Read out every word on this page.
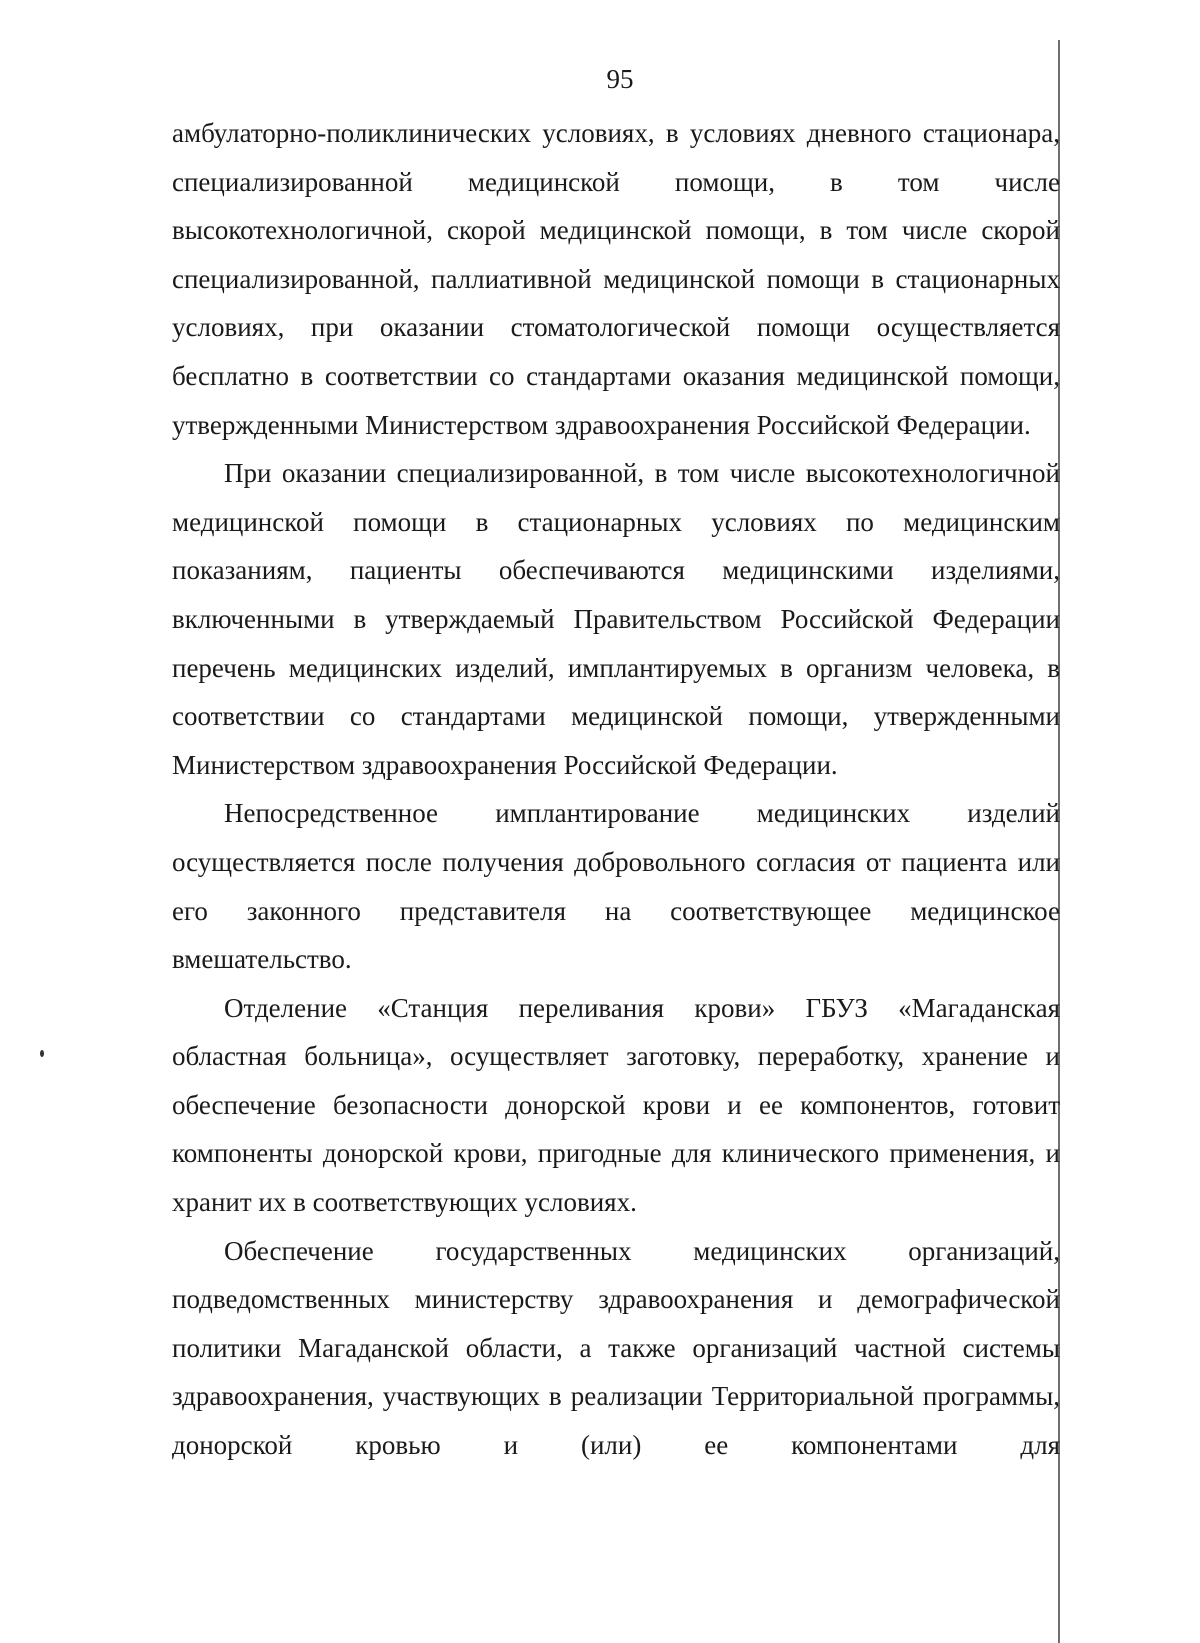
95

амбулаторно-поликлинических условиях, в условиях дневного стационара, специализированной медицинской помощи, в том числе высокотехнологичной, скорой медицинской помощи, в том числе скорой специализированной, паллиативной медицинской помощи в стационарных условиях, при оказании стоматологической помощи осуществляется бесплатно в соответствии со стандартами оказания медицинской помощи, утвержденными Министерством здравоохранения Российской Федерации.

При оказании специализированной, в том числе высокотехнологичной медицинской помощи в стационарных условиях по медицинским показаниям, пациенты обеспечиваются медицинскими изделиями, включенными в утверждаемый Правительством Российской Федерации перечень медицинских изделий, имплантируемых в организм человека, в соответствии со стандартами медицинской помощи, утвержденными Министерством здравоохранения Российской Федерации.

Непосредственное имплантирование медицинских изделий осуществляется после получения добровольного согласия от пациента или его законного представителя на соответствующее медицинское вмешательство.

Отделение «Станция переливания крови» ГБУЗ «Магаданская областная больница», осуществляет заготовку, переработку, хранение и обеспечение безопасности донорской крови и ее компонентов, готовит компоненты донорской крови, пригодные для клинического применения, и хранит их в соответствующих условиях.

Обеспечение государственных медицинских организаций, подведомственных министерству здравоохранения и демографической политики Магаданской области, а также организаций частной системы здравоохранения, участвующих в реализации Территориальной программы, донорской кровью и (или) ее компонентами для
